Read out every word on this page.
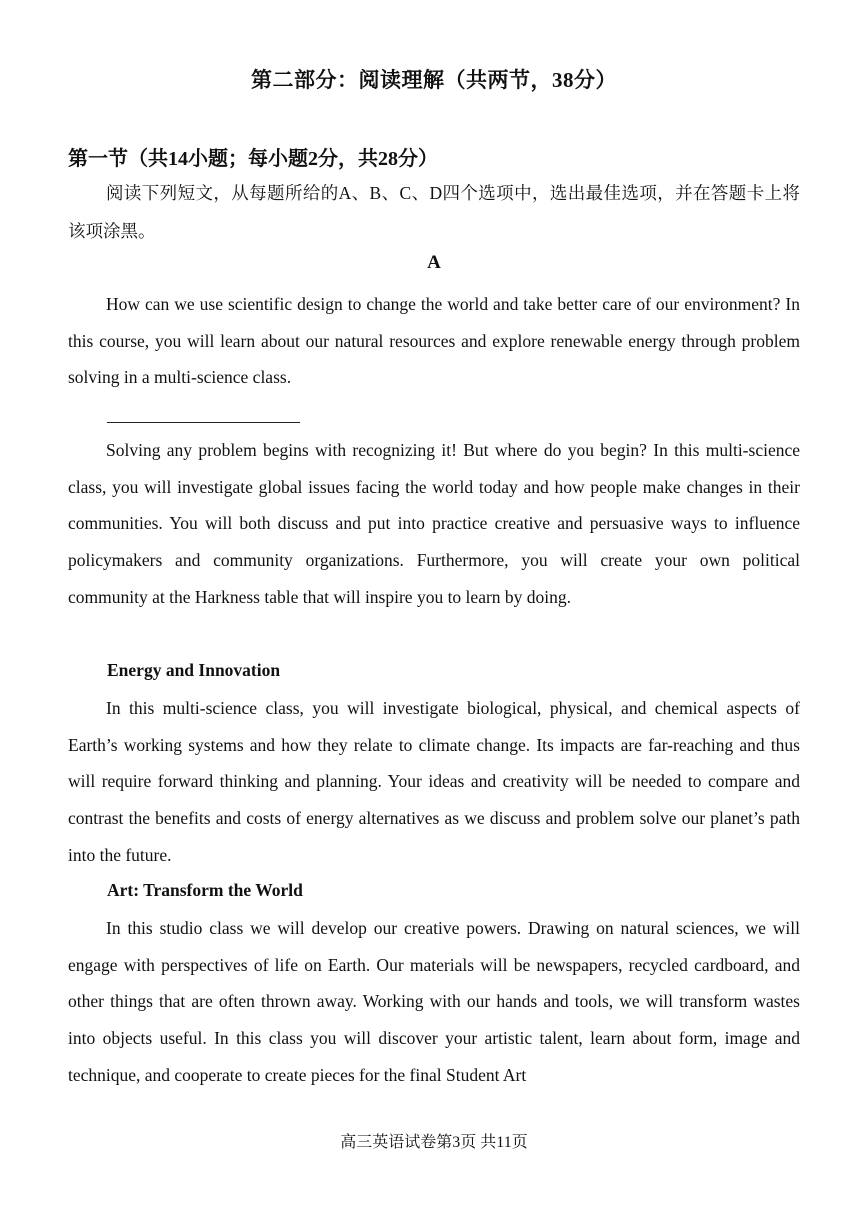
第二部分：阅读理解（共两节，38分）
第一节（共14小题；每小题2分，共28分）
阅读下列短文，从每题所给的A、B、C、D四个选项中，选出最佳选项，并在答题卡上将该项涂黑。
A
How can we use scientific design to change the world and take better care of our environment? In this course, you will learn about our natural resources and explore renewable energy through problem solving in a multi-science class.
Solving any problem begins with recognizing it! But where do you begin? In this multi-science class, you will investigate global issues facing the world today and how people make changes in their communities. You will both discuss and put into practice creative and persuasive ways to influence policymakers and community organizations. Furthermore, you will create your own political community at the Harkness table that will inspire you to learn by doing.
Energy and Innovation
In this multi-science class, you will investigate biological, physical, and chemical aspects of Earth’s working systems and how they relate to climate change. Its impacts are far-reaching and thus will require forward thinking and planning. Your ideas and creativity will be needed to compare and contrast the benefits and costs of energy alternatives as we discuss and problem solve our planet’s path into the future.
Art: Transform the World
In this studio class we will develop our creative powers. Drawing on natural sciences, we will engage with perspectives of life on Earth. Our materials will be newspapers, recycled cardboard, and other things that are often thrown away. Working with our hands and tools, we will transform wastes into objects useful. In this class you will discover your artistic talent, learn about form, image and technique, and cooperate to create pieces for the final Student Art
高三英语试卷第3页 共11页
